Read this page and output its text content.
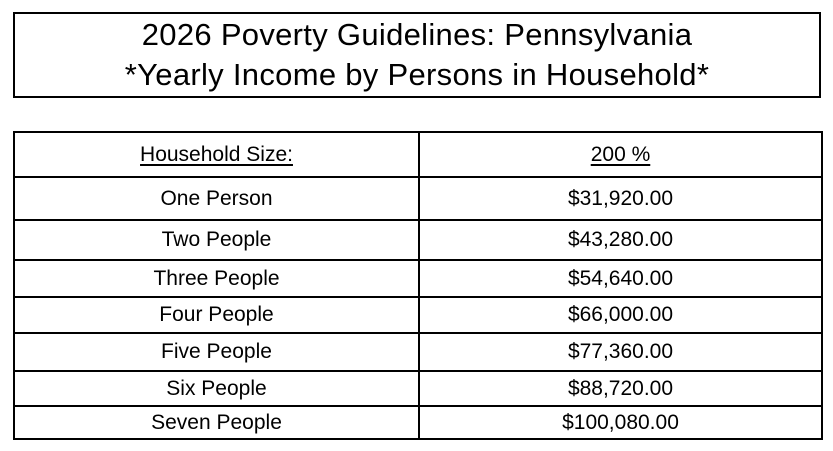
2026 Poverty Guidelines: Pennsylvania
*Yearly Income by Persons in Household*
Household Size:	200 %
One Person	$31,920.00
Two People	$43,280.00
Three People	$54,640.00
Four People	$66,000.00
Five People	$77,360.00
Six People	$88,720.00
Seven People	$100,080.00
